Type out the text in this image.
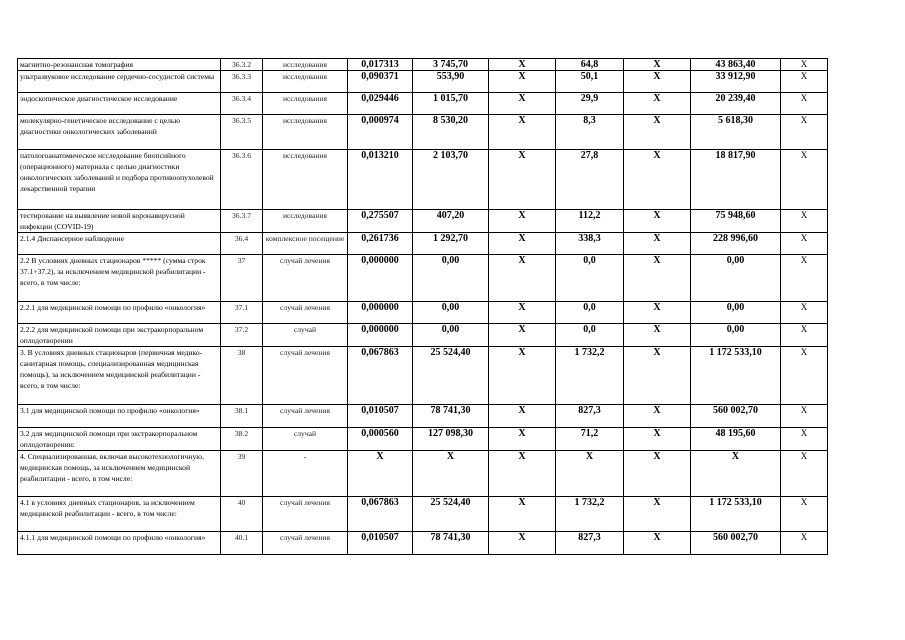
магнитно-резонансная томография	36.3.2	исследования	0,017313	3 745,70	X	64,8	X	43 863,40	X
ультразвуковое исследование сердечно-сосудистой системы	36.3.3	исследования	0,090371	553,90	X	50,1	X	33 912,90	X
эндоскопическое диагностическое исследование	36.3.4	исследования	0,029446	1 015,70	X	29,9	X	20 239,40	X
молекулярно-генетическое исследование с целью диагностики онкологических заболеваний	36.3.5	исследования	0,000974	8 530,20	X	8,3	X	5 618,30	X
патологоанатомическое исследование биопсийного (операционного) материала с целью диагностики онкологических заболеваний и подбора противоопухолевой лекарственной терапии	36.3.6	исследования	0,013210	2 103,70	X	27,8	X	18 817,90	X
тестирование на выявление новой коронавирусной инфекции (COVID-19)	36.3.7	исследования	0,275507	407,20	X	112,2	X	75 948,60	X
2.1.4 Диспансерное наблюдение	36.4	комплексное посещение	0,261736	1 292,70	X	338,3	X	228 996,60	X
2.2 В условиях дневных стационаров ***** (сумма строк 37.1+37.2), за исключением медицинской реабилитации - всего, в том числе:	37	случай лечения	0,000000	0,00	X	0,0	X	0,00	X
2.2.1 для медицинской помощи по профилю «онкология»	37.1	случай лечения	0,000000	0,00	X	0,0	X	0,00	X
2.2.2 для медицинской помощи при экстракорпоральном оплодотворении	37.2	случай	0,000000	0,00	X	0,0	X	0,00	X
3. В условиях дневных стационаров (первичная медико-санитарная помощь, специализированная медицинская помощь), за исключением медицинской реабилитации - всего, в том числе:	38	случай лечения	0,067863	25 524,40	X	1 732,2	X	1 172 533,10	X
3.1 для медицинской помощи по профилю «онкология»	38.1	случай лечения	0,010507	78 741,30	X	827,3	X	560 002,70	X
3.2 для медицинской помощи при экстракорпоральном оплодотворении:	38.2	случай	0,000560	127 098,30	X	71,2	X	48 195,60	X
4. Специализированная, включая высокотехнологичную, медицинская помощь, за исключением медицинской реабилитации - всего, в том числе:	39	-	X	X	X	X	X	X	X
4.1 в условиях дневных стационаров, за исключением медицинской реабилитации - всего, в том числе:	40	случай лечения	0,067863	25 524,40	X	1 732,2	X	1 172 533,10	X
4.1.1 для медицинской помощи по профилю «онкология»	40.1	случай лечения	0,010507	78 741,30	X	827,3	X	560 002,70	X
